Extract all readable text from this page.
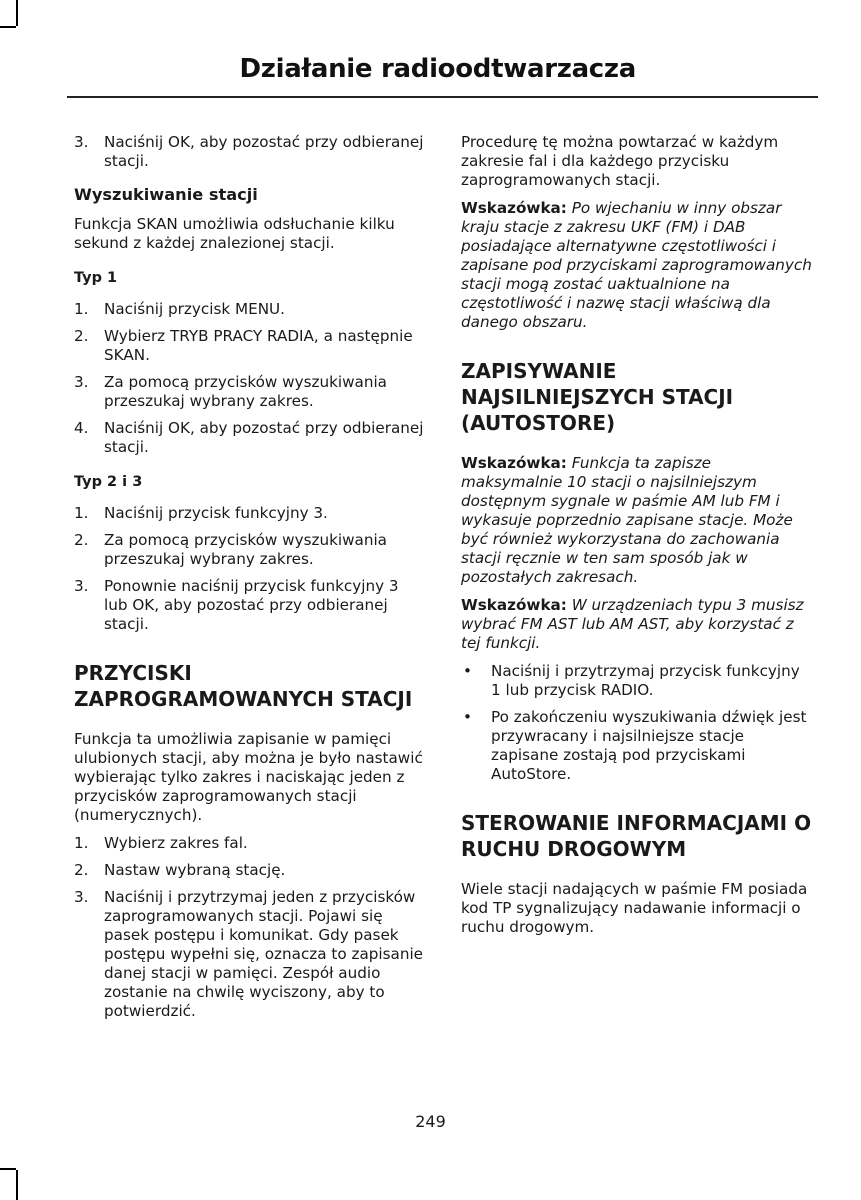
Działanie radioodtwarzacza
3. Naciśnij OK, aby pozostać przy odbieranej stacji.
Wyszukiwanie stacji

Funkcja SKAN umożliwia odsłuchanie kilku sekund z każdej znalezionej stacji.

Typ 1
1. Naciśnij przycisk MENU.
2. Wybierz TRYB PRACY RADIA, a następnie SKAN.
3. Za pomocą przycisków wyszukiwania przeszukaj wybrany zakres.
4. Naciśnij OK, aby pozostać przy odbieranej stacji.
Typ 2 i 3
1. Naciśnij przycisk funkcyjny 3.
2. Za pomocą przycisków wyszukiwania przeszukaj wybrany zakres.
3. Ponownie naciśnij przycisk funkcyjny 3 lub OK, aby pozostać przy odbieranej stacji.
PRZYCISKI ZAPROGRAMOWANYCH STACJI

Funkcja ta umożliwia zapisanie w pamięci ulubionych stacji, aby można je było nastawić wybierając tylko zakres i naciskając jeden z przycisków zaprogramowanych stacji (numerycznych).

1. Wybierz zakres fal.
2. Nastaw wybraną stację.
3. Naciśnij i przytrzymaj jeden z przycisków zaprogramowanych stacji. Pojawi się pasek postępu i komunikat. Gdy pasek postępu wypełni się, oznacza to zapisanie danej stacji w pamięci. Zespół audio zostanie na chwilę wyciszony, aby to potwierdzić.

Procedurę tę można powtarzać w każdym zakresie fal i dla każdego przycisku zaprogramowanych stacji.

Wskazówka: Po wjechaniu w inny obszar kraju stacje z zakresu UKF (FM) i DAB posiadające alternatywne częstotliwości i zapisane pod przyciskami zaprogramowanych stacji mogą zostać uaktualnione na częstotliwość i nazwę stacji właściwą dla danego obszaru.

ZAPISYWANIE NAJSILNIEJSZYCH STACJI (AUTOSTORE)

Wskazówka: Funkcja ta zapisze maksymalnie 10 stacji o najsilniejszym dostępnym sygnale w paśmie AM lub FM i wykasuje poprzednio zapisane stacje. Może być również wykorzystana do zachowania stacji ręcznie w ten sam sposób jak w pozostałych zakresach.

Wskazówka: W urządzeniach typu 3 musisz wybrać FM AST lub AM AST, aby korzystać z tej funkcji.

• Naciśnij i przytrzymaj przycisk funkcyjny 1 lub przycisk RADIO.
• Po zakończeniu wyszukiwania dźwięk jest przywracany i najsilniejsze stacje zapisane zostają pod przyciskami AutoStore.
STEROWANIE INFORMACJAMI O RUCHU DROGOWYM

Wiele stacji nadających w paśmie FM posiada kod TP sygnalizujący nadawanie informacji o ruchu drogowym.

249
